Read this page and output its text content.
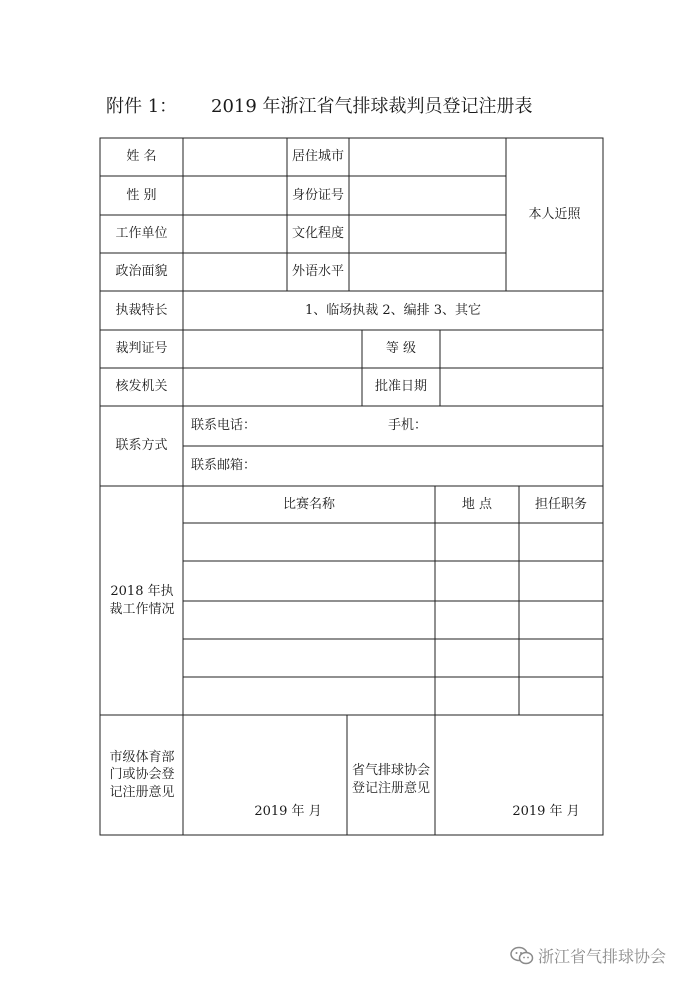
附件 1： 2019 年浙江省气排球裁判员登记注册表
姓 名	居住城市
性 别	身份证号
工作单位	文化程度
政治面貌	外语水平
本人近照
执裁特长	1、临场执裁 2、编排 3、其它
裁判证号	等 级
核发机关	批准日期
联系方式
联系电话：	手机：
联系邮箱：
2018 年执裁工作情况
比赛名称	地 点	担任职务
市级体育部门或协会登记注册意见
2019 年 月
省气排球协会登记注册意见
2019 年 月
浙江省气排球协会
